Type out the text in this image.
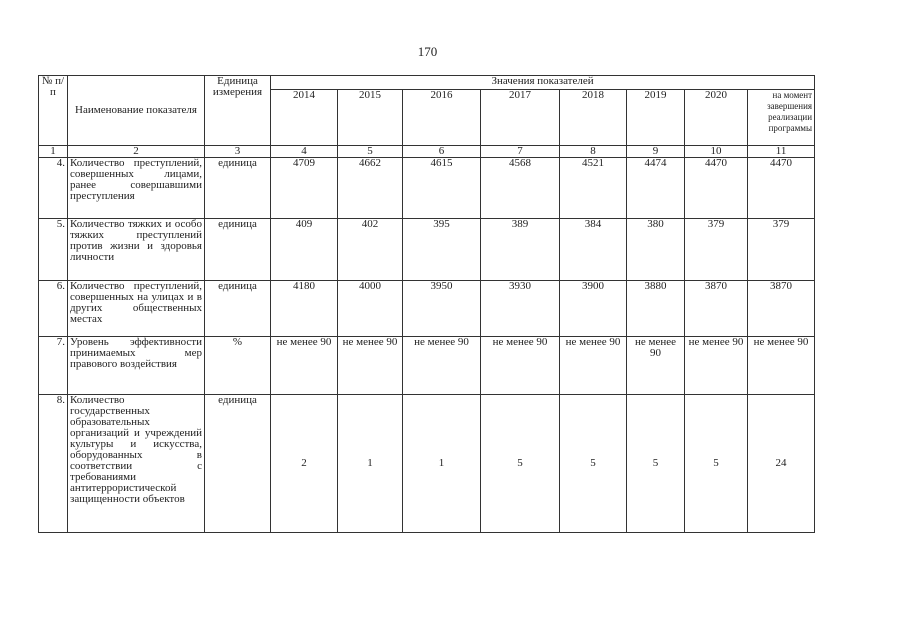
170
№ п/п	Наименование показателя	Единица измерения	Значения показателей							
			2014	2015	2016	2017	2018	2019	2020	на момент завершения реализации программы
1	2	3	4	5	6	7	8	9	10	11
4.	Количество преступлений, совершенных лицами, ранее совершавшими преступления	единица	4709	4662	4615	4568	4521	4474	4470	4470
5.	Количество тяжких и особо тяжких преступлений против жизни и здоровья личности	единица	409	402	395	389	384	380	379	379
6.	Количество преступлений, совершенных на улицах и в других общественных местах	единица	4180	4000	3950	3930	3900	3880	3870	3870
7.	Уровень эффективности принимаемых мер правового воздействия	%	не менее 90	не менее 90	не менее 90	не менее 90	не менее 90	не менее 90	не менее 90	не менее 90
8.	Количество государственных образовательных организаций и учреждений культуры и искусства, оборудованных в соответствии с требованиями антитеррористической защищенности объектов	единица	2	1	1	5	5	5	5	24
